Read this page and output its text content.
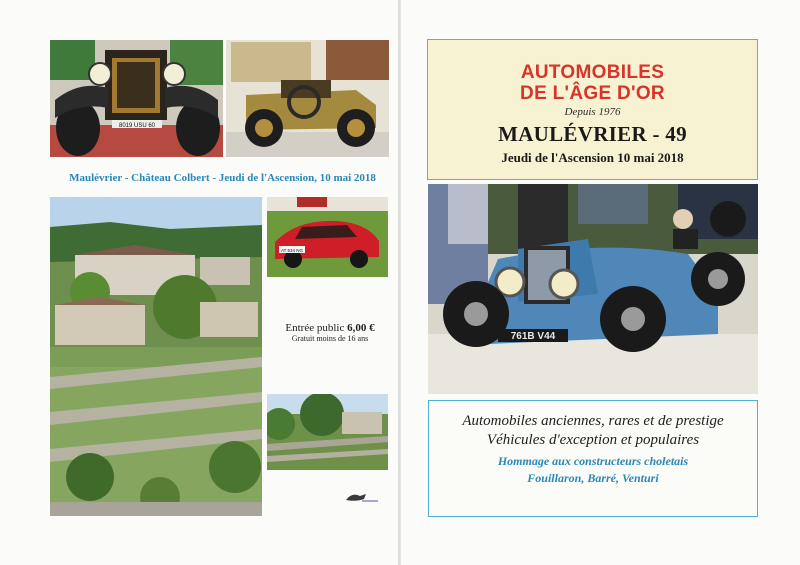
8019 USU 60
Maulévrier - Château Colbert - Jeudi de l'Ascension, 10 mai 2018
AT 534 NG
Entrée public 6,00 €
Gratuit moins de 16 ans
AUTOMOBILES
DE L'ÂGE D'OR
Depuis 1976
MAULÉVRIER - 49
Jeudi de l'Ascension 10 mai 2018
761B V44
Automobiles anciennes, rares et de prestige
Véhicules d'exception et populaires
Hommage aux constructeurs choletais
Fouillaron, Barré, Venturi
